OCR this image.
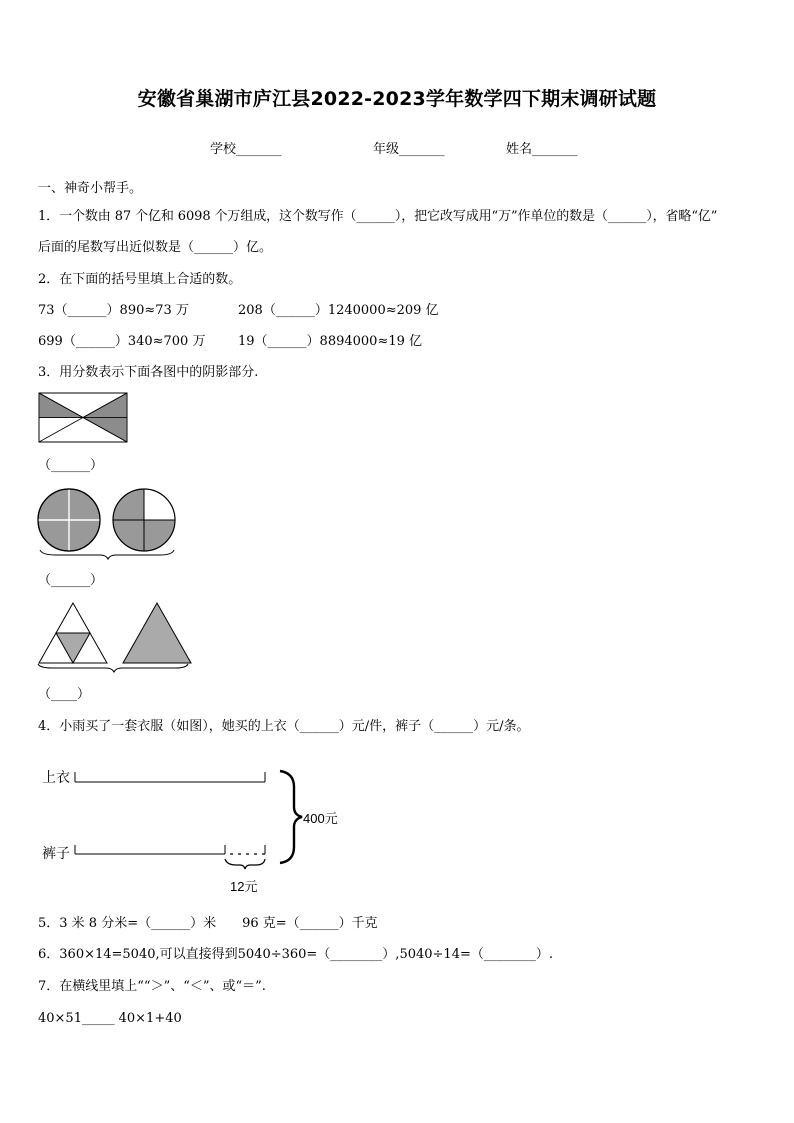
安徽省巢湖市庐江县2022-2023学年数学四下期末调研试题
学校_______	年级_______	姓名_______
一、神奇小帮手。
1．一个数由 87 个亿和 6098 个万组成，这个数写作（______），把它改写成用“万”作单位的数是（______），省略“亿”
后面的尾数写出近似数是（______）亿。
2．在下面的括号里填上合适的数。
73（______）890≈73 万	208（______）1240000≈209 亿
699（______）340≈700 万	19（______）8894000≈19 亿
3．用分数表示下面各图中的阴影部分.
（______）
（______）
（____）
4．小雨买了一套衣服（如图），她买的上衣（______）元/件，裤子（______）元/条。
上衣
裤子
400元
12元
5．3 米 8 分米=（______）米　　96 克=（______）千克
6．360×14=5040,可以直接得到5040÷360=（________）,5040÷14=（________）.
7．在横线里填上““＞”、“＜”、或“＝”.
40×51_____ 40×1+40
